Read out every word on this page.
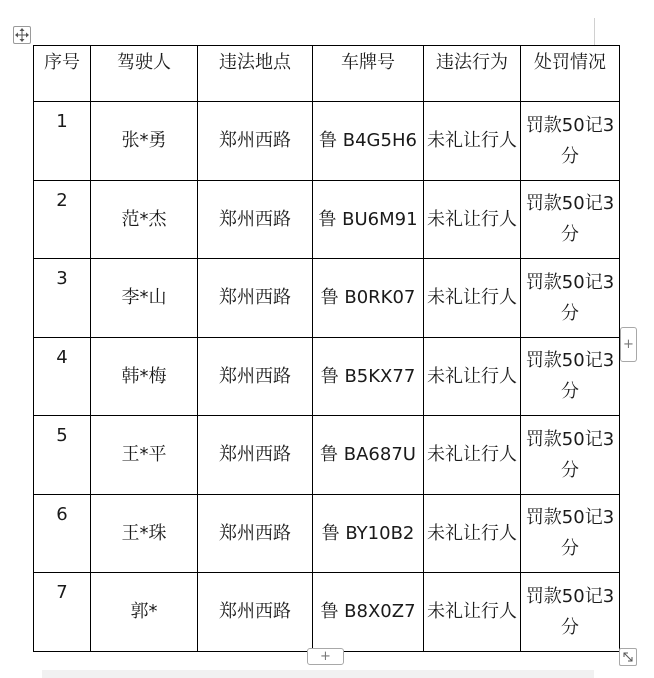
序号	驾驶人	违法地点	车牌号	违法行为	处罚情况
1	张*勇	郑州西路	鲁 B4G5H6	未礼让行人	罚款50记3 分
2	范*杰	郑州西路	鲁 BU6M91	未礼让行人	罚款50记3 分
3	李*山	郑州西路	鲁 B0RK07	未礼让行人	罚款50记3 分
4	韩*梅	郑州西路	鲁 B5KX77	未礼让行人	罚款50记3 分
5	王*平	郑州西路	鲁 BA687U	未礼让行人	罚款50记3 分
6	王*珠	郑州西路	鲁 BY10B2	未礼让行人	罚款50记3 分
7	郭*	郑州西路	鲁 B8X0Z7	未礼让行人	罚款50记3 分
+
+
